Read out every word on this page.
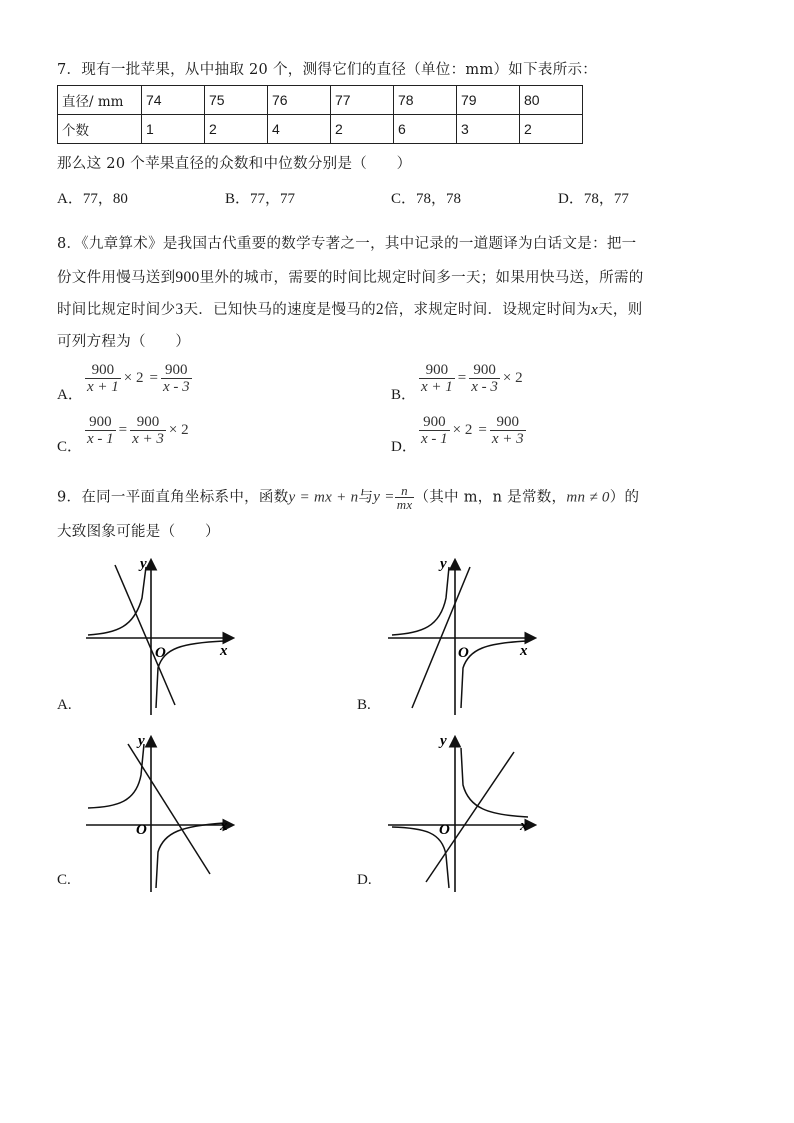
7．现有一批苹果，从中抽取 20 个，测得它们的直径（单位：mm）如下表所示：
直径/ mm	74	75	76	77	78	79	80
个数	1	2	4	2	6	3	2
那么这 20 个苹果直径的众数和中位数分别是（　　）
A．77，80	B．77，77	C．78，78	D．78，77
8．《九章算术》是我国古代重要的数学专著之一，其中记录的一道题译为白话文是：把一
份文件用慢马送到900里外的城市，需要的时间比规定时间多一天；如果用快马送，所需的
时间比规定时间少3天．已知快马的速度是慢马的2倍，求规定时间．设规定时间为x天，则
可列方程为（　　）
A． $\frac{900}{x + 1} \times 2 = \frac{900}{x - 3}$	B． $\frac{900}{x + 1} = \frac{900}{x - 3} \times 2$
C． $\frac{900}{x - 1} = \frac{900}{x + 3} \times 2$
D． $\frac{900}{x - 1} \times 2 = \frac{900}{x + 3}$
9．在同一平面直角坐标系中，函数y = mx + n与$y = \frac{n}{mx}$ （其中 m，n 是常数，mn ≠ 0）的
大致图象可能是（　　）
y
x
O
A.
y
x
O
B.
y
x
O
C.
y
x
O
D.
